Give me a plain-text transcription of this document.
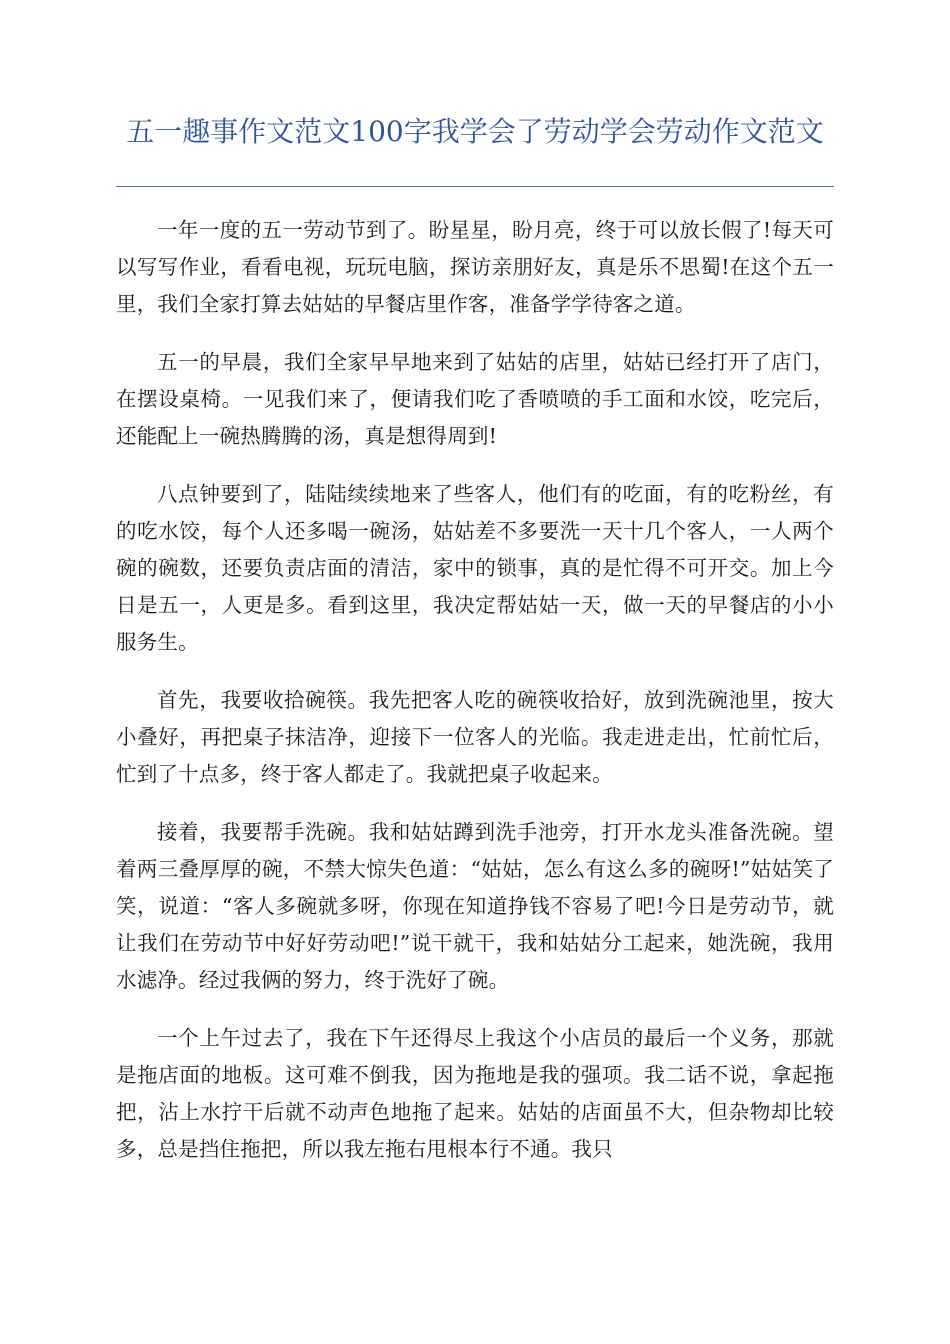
五一趣事作文范文100字我学会了劳动学会劳动作文范文

一年一度的五一劳动节到了。盼星星，盼月亮，终于可以放长假了!每天可以写写作业，看看电视，玩玩电脑，探访亲朋好友，真是乐不思蜀!在这个五一里，我们全家打算去姑姑的早餐店里作客，准备学学待客之道。

五一的早晨，我们全家早早地来到了姑姑的店里，姑姑已经打开了店门，在摆设桌椅。一见我们来了，便请我们吃了香喷喷的手工面和水饺，吃完后，还能配上一碗热腾腾的汤，真是想得周到!

八点钟要到了，陆陆续续地来了些客人，他们有的吃面，有的吃粉丝，有的吃水饺，每个人还多喝一碗汤，姑姑差不多要洗一天十几个客人，一人两个碗的碗数，还要负责店面的清洁，家中的锁事，真的是忙得不可开交。加上今日是五一，人更是多。看到这里，我决定帮姑姑一天，做一天的早餐店的小小服务生。

首先，我要收拾碗筷。我先把客人吃的碗筷收拾好，放到洗碗池里，按大小叠好，再把桌子抹洁净，迎接下一位客人的光临。我走进走出，忙前忙后，忙到了十点多，终于客人都走了。我就把桌子收起来。

接着，我要帮手洗碗。我和姑姑蹲到洗手池旁，打开水龙头准备洗碗。望着两三叠厚厚的碗，不禁大惊失色道：“姑姑，怎么有这么多的碗呀!”姑姑笑了笑，说道：“客人多碗就多呀，你现在知道挣钱不容易了吧!今日是劳动节，就让我们在劳动节中好好劳动吧!”说干就干，我和姑姑分工起来，她洗碗，我用水滤净。经过我俩的努力，终于洗好了碗。

一个上午过去了，我在下午还得尽上我这个小店员的最后一个义务，那就是拖店面的地板。这可难不倒我，因为拖地是我的强项。我二话不说，拿起拖把，沾上水拧干后就不动声色地拖了起来。姑姑的店面虽不大，但杂物却比较多，总是挡住拖把，所以我左拖右甩根本行不通。我只
